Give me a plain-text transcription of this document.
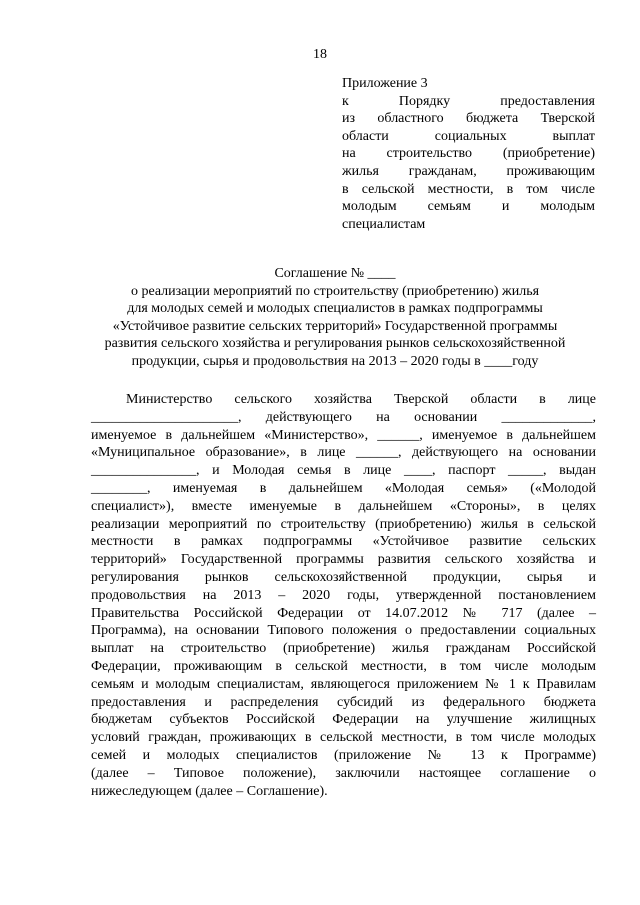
18
Приложение 3
к Порядку предоставления
из областного бюджета Тверской
области социальных выплат
на строительство (приобретение)
жилья гражданам, проживающим
в сельской местности, в том числе
молодым семьям и молодым
специалистам
Соглашение № ____
о реализации мероприятий по строительству (приобретению) жилья
для молодых семей и молодых специалистов в рамках подпрограммы
«Устойчивое развитие сельских территорий» Государственной программы
развития сельского хозяйства и регулирования рынков сельскохозяйственной
продукции, сырья и продовольствия на 2013 – 2020 годы в ____году
Министерство сельского хозяйства Тверской области в лице
_____________________, действующего на основании _____________,
именуемое в дальнейшем «Министерство», ______, именуемое в дальнейшем
«Муниципальное образование», в лице ______, действующего на основании
_______________, и Молодая семья в лице ____, паспорт _____, выдан
________, именуемая в дальнейшем «Молодая семья» («Молодой
специалист»), вместе именуемые в дальнейшем «Стороны», в целях
реализации мероприятий по строительству (приобретению) жилья в сельской
местности в рамках подпрограммы «Устойчивое развитие сельских
территорий» Государственной программы развития сельского хозяйства и
регулирования рынков сельскохозяйственной продукции, сырья и
продовольствия на 2013 – 2020 годы, утвержденной постановлением
Правительства Российской Федерации от 14.07.2012 № 717 (далее –
Программа), на основании Типового положения о предоставлении социальных
выплат на строительство (приобретение) жилья гражданам Российской
Федерации, проживающим в сельской местности, в том числе молодым
семьям и молодым специалистам, являющегося приложением № 1 к Правилам
предоставления и распределения субсидий из федерального бюджета
бюджетам субъектов Российской Федерации на улучшение жилищных
условий граждан, проживающих в сельской местности, в том числе молодых
семей и молодых специалистов (приложение № 13 к Программе)
(далее – Типовое положение), заключили настоящее соглашение о
нижеследующем (далее – Соглашение).
